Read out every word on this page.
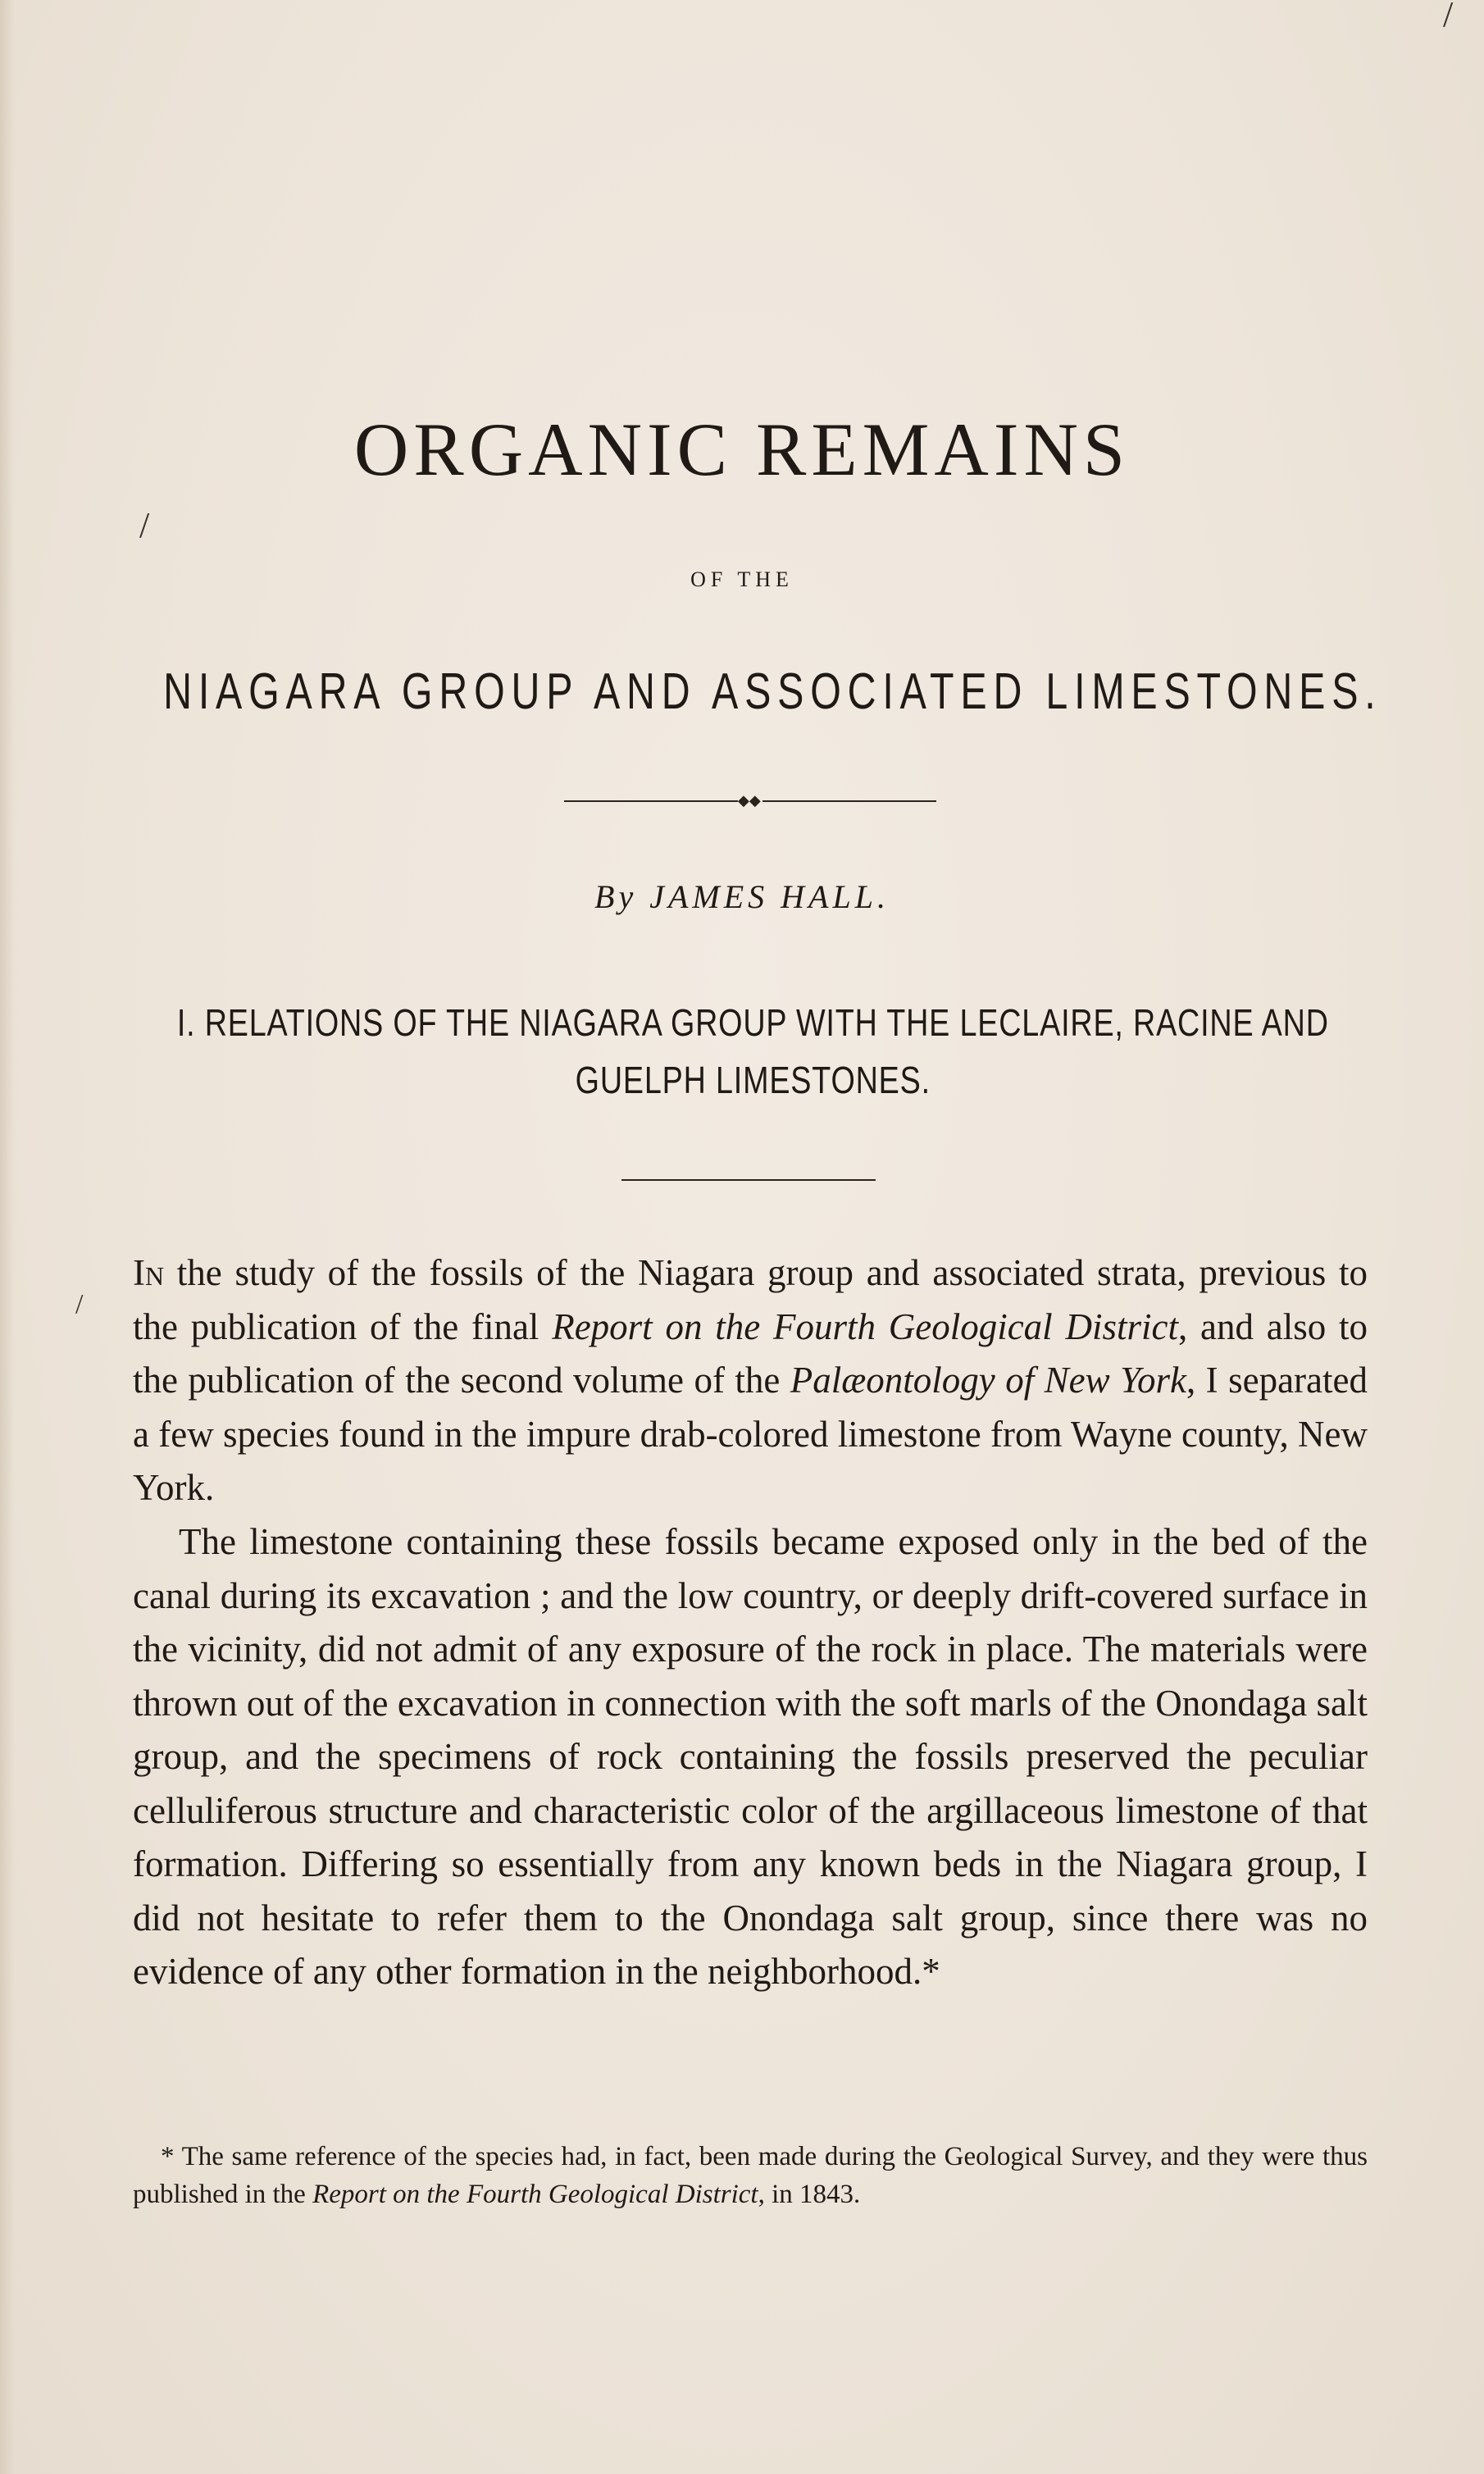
/
/
/
ORGANIC REMAINS
OF THE
NIAGARA GROUP AND ASSOCIATED LIMESTONES.
◆◆
By JAMES HALL.
I. RELATIONS OF THE NIAGARA GROUP WITH THE LECLAIRE, RACINE AND
GUELPH LIMESTONES.

In the study of the fossils of the Niagara group and associated strata, previous to the publication of the final Report on the Fourth Geological District, and also to the publication of the second volume of the Palæontology of New York, I separated a few species found in the impure drab-colored limestone from Wayne county, New York.

The limestone containing these fossils became exposed only in the bed of the canal during its excavation ; and the low country, or deeply drift-covered surface in the vicinity, did not admit of any exposure of the rock in place. The materials were thrown out of the excavation in connection with the soft marls of the Onondaga salt group, and the specimens of rock containing the fossils preserved the peculiar celluliferous structure and characteristic color of the argillaceous limestone of that formation. Differing so essentially from any known beds in the Niagara group, I did not hesitate to refer them to the Onondaga salt group, since there was no evidence of any other formation in the neighborhood.*

* The same reference of the species had, in fact, been made during the Geological Survey, and they were thus published in the Report on the Fourth Geological District, in 1843.
